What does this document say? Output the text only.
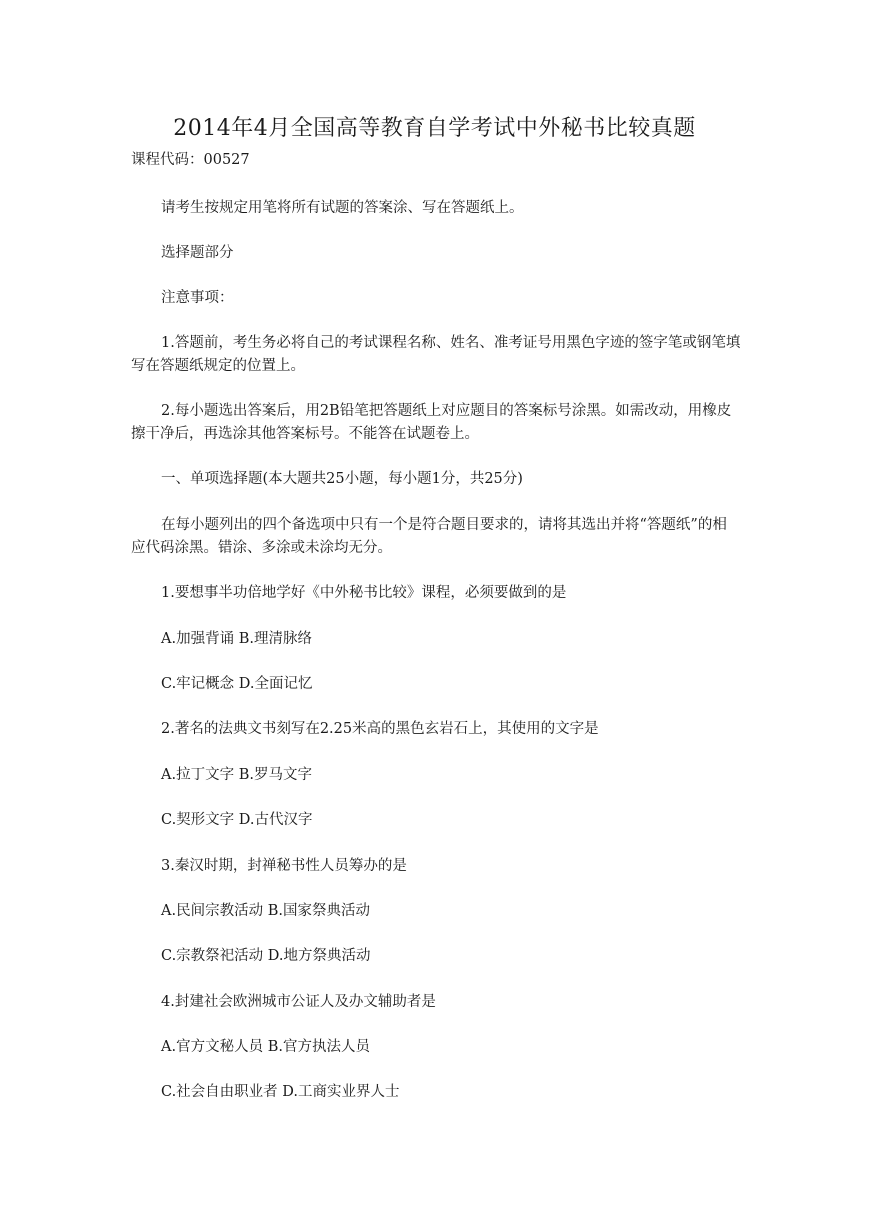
2014年4月全国高等教育自学考试中外秘书比较真题
课程代码：00527

请考生按规定用笔将所有试题的答案涂、写在答题纸上。

选择题部分

注意事项：

1.答题前，考生务必将自己的考试课程名称、姓名、准考证号用黑色字迹的签字笔或钢笔填写在答题纸规定的位置上。

2.每小题选出答案后，用2B铅笔把答题纸上对应题目的答案标号涂黑。如需改动，用橡皮擦干净后，再选涂其他答案标号。不能答在试题卷上。

一、单项选择题(本大题共25小题，每小题1分，共25分)

在每小题列出的四个备选项中只有一个是符合题目要求的，请将其选出并将“答题纸”的相应代码涂黑。错涂、多涂或未涂均无分。

1.要想事半功倍地学好《中外秘书比较》课程，必须要做到的是

A.加强背诵 B.理清脉络

C.牢记概念 D.全面记忆

2.著名的法典文书刻写在2.25米高的黑色玄岩石上，其使用的文字是

A.拉丁文字 B.罗马文字

C.契形文字 D.古代汉字

3.秦汉时期，封禅秘书性人员筹办的是

A.民间宗教活动 B.国家祭典活动

C.宗教祭祀活动 D.地方祭典活动

4.封建社会欧洲城市公证人及办文辅助者是

A.官方文秘人员 B.官方执法人员

C.社会自由职业者 D.工商实业界人士
